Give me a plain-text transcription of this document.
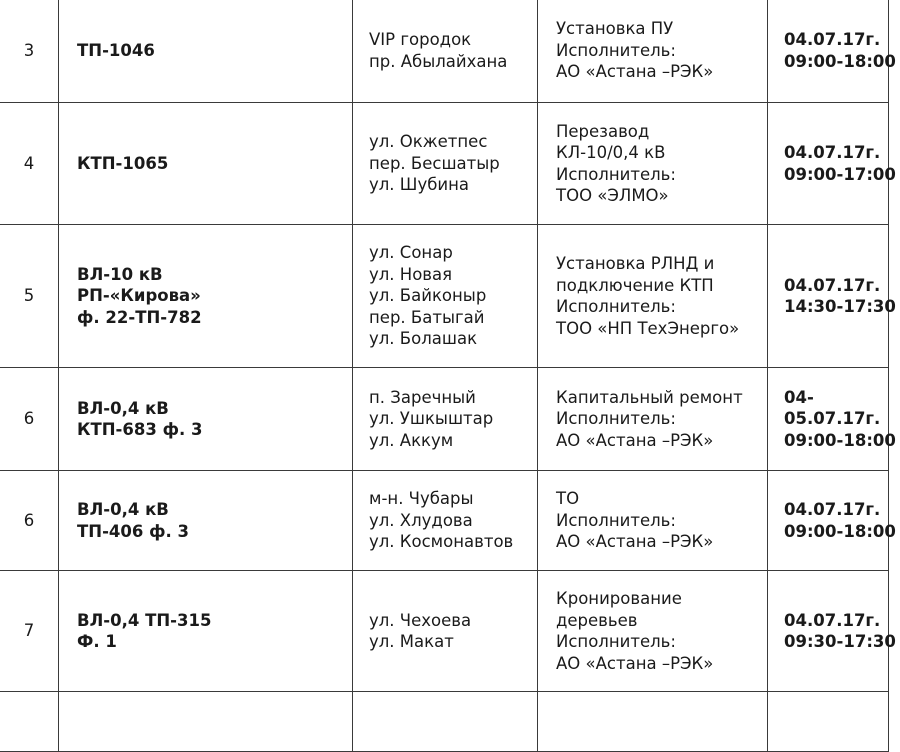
3	ТП-1046	VIP городок
пр. Абылайхана	Установка ПУ
Исполнитель:
АО «Астана –РЭК»	04.07.17г.
09:00-18:00

4	КТП-1065	ул. Окжетпес
пер. Бесшатыр
ул. Шубина	Перезавод
КЛ-10/0,4 кВ
Исполнитель:
ТОО «ЭЛМО»	04.07.17г.
09:00-17:00

5	ВЛ-10 кВ
РП-«Кирова»
ф. 22-ТП-782	ул. Сонар
ул. Новая
ул. Байконыр
пер. Батыгай
ул. Болашак	Установка РЛНД и
подключение КТП
Исполнитель:
ТОО «НП ТехЭнерго»	04.07.17г.
14:30-17:30

6	ВЛ-0,4 кВ
КТП-683 ф. 3	п. Заречный
ул. Ушкыштар
ул. Аккум	Капитальный ремонт
Исполнитель:
АО «Астана –РЭК»	04-
05.07.17г.
09:00-18:00

6	ВЛ-0,4 кВ
ТП-406 ф. 3	м-н. Чубары
ул. Хлудова
ул. Космонавтов	ТО
Исполнитель:
АО «Астана –РЭК»	04.07.17г.
09:00-18:00

7	ВЛ-0,4 ТП-315
Ф. 1	ул. Чехоева
ул. Макат	Кронирование
деревьев
Исполнитель:
АО «Астана –РЭК»	04.07.17г.
09:30-17:30
